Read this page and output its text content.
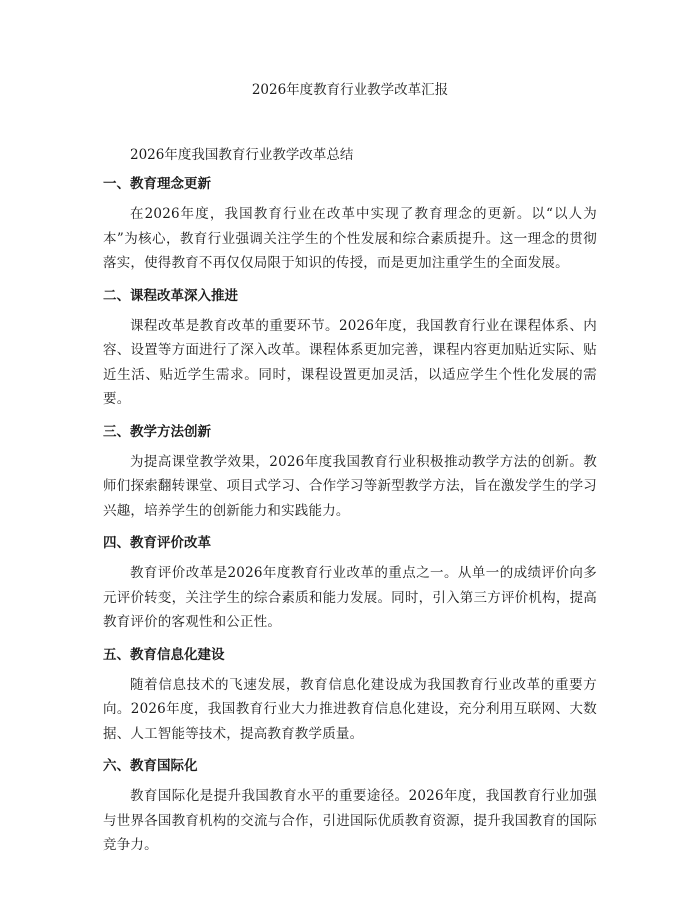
2026年度教育行业教学改革汇报

2026年度我国教育行业教学改革总结

一、教育理念更新

在2026年度，我国教育行业在改革中实现了教育理念的更新。以“以人为本”为核心，教育行业强调关注学生的个性发展和综合素质提升。这一理念的贯彻落实，使得教育不再仅仅局限于知识的传授，而是更加注重学生的全面发展。

二、课程改革深入推进

课程改革是教育改革的重要环节。2026年度，我国教育行业在课程体系、内容、设置等方面进行了深入改革。课程体系更加完善，课程内容更加贴近实际、贴近生活、贴近学生需求。同时，课程设置更加灵活，以适应学生个性化发展的需要。

三、教学方法创新

为提高课堂教学效果，2026年度我国教育行业积极推动教学方法的创新。教师们探索翻转课堂、项目式学习、合作学习等新型教学方法，旨在激发学生的学习兴趣，培养学生的创新能力和实践能力。

四、教育评价改革

教育评价改革是2026年度教育行业改革的重点之一。从单一的成绩评价向多元评价转变，关注学生的综合素质和能力发展。同时，引入第三方评价机构，提高教育评价的客观性和公正性。

五、教育信息化建设

随着信息技术的飞速发展，教育信息化建设成为我国教育行业改革的重要方向。2026年度，我国教育行业大力推进教育信息化建设，充分利用互联网、大数据、人工智能等技术，提高教育教学质量。

六、教育国际化

教育国际化是提升我国教育水平的重要途径。2026年度，我国教育行业加强与世界各国教育机构的交流与合作，引进国际优质教育资源，提升我国教育的国际竞争力。
